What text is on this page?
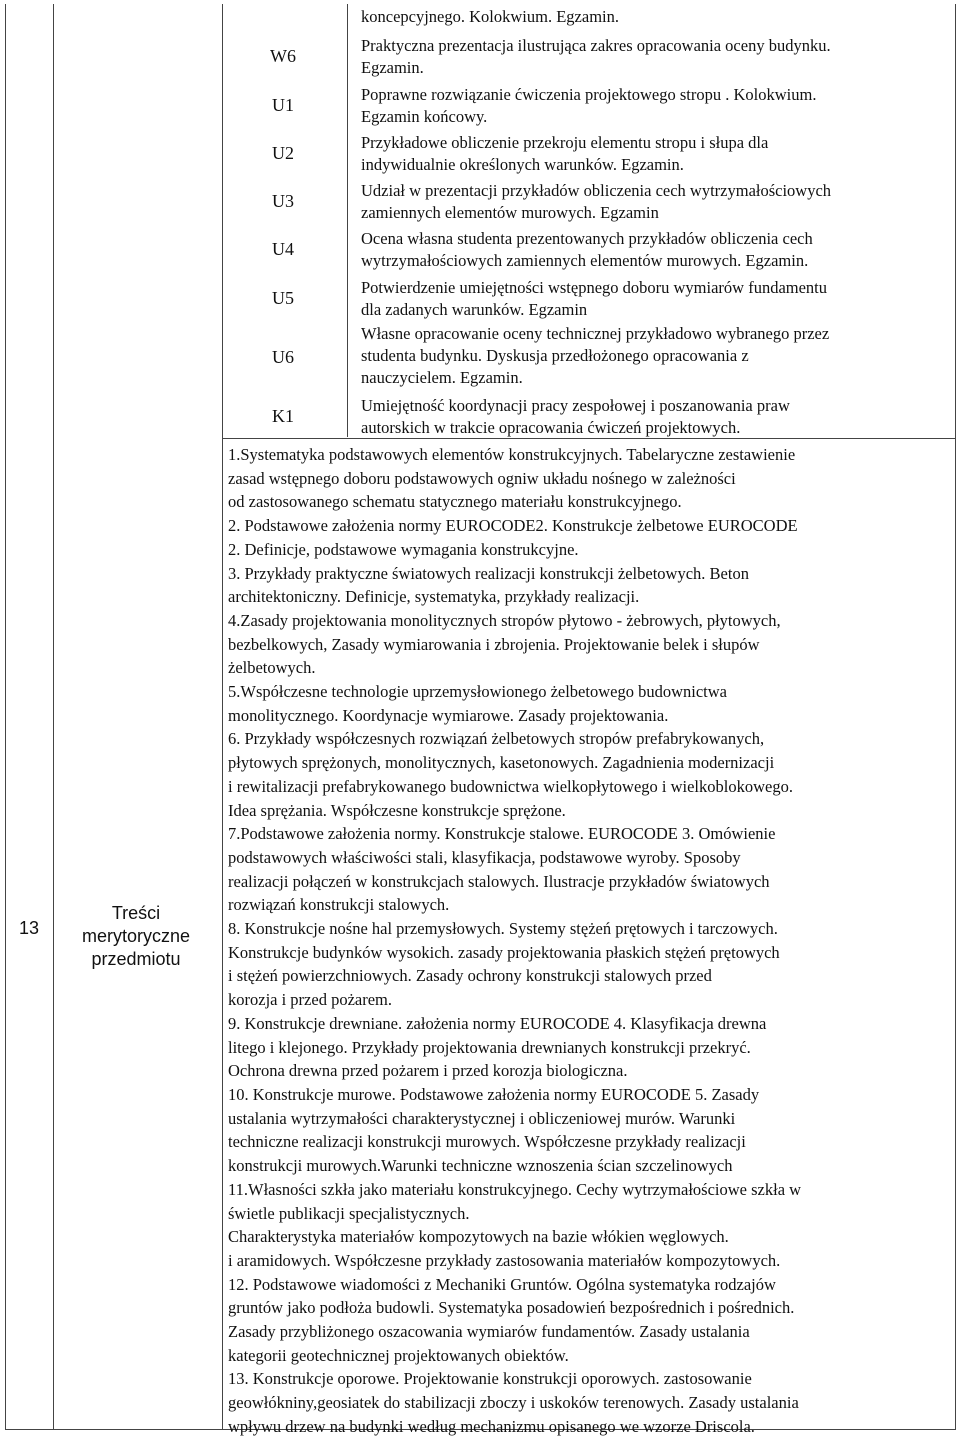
13
Treści
merytoryczne
przedmiotu
W6
U1
U2
U3
U4
U5
U6
K1
koncepcyjnego. Kolokwium. Egzamin.
Praktyczna prezentacja ilustrująca zakres opracowania oceny budynku.
Egzamin.
Poprawne rozwiązanie ćwiczenia projektowego stropu . Kolokwium.
Egzamin końcowy.
Przykładowe obliczenie przekroju elementu stropu i słupa dla
indywidualnie określonych warunków. Egzamin.
Udział w prezentacji przykładów obliczenia cech wytrzymałościowych
zamiennych elementów murowych. Egzamin
Ocena własna studenta prezentowanych przykładów obliczenia cech
wytrzymałościowych zamiennych elementów murowych. Egzamin.
Potwierdzenie umiejętności wstępnego doboru wymiarów fundamentu
dla zadanych warunków. Egzamin
Własne opracowanie oceny technicznej przykładowo wybranego przez
studenta budynku. Dyskusja przedłożonego opracowania z
nauczycielem. Egzamin.
Umiejętność koordynacji pracy zespołowej i poszanowania praw
autorskich w trakcie opracowania ćwiczeń projektowych.

1.Systematyka podstawowych elementów konstrukcyjnych. Tabelaryczne zestawienie

zasad wstępnego doboru podstawowych ogniw układu nośnego w zależności

od zastosowanego schematu statycznego materiału konstrukcyjnego.

2. Podstawowe założenia normy EUROCODE2. Konstrukcje żelbetowe EUROCODE

2. Definicje, podstawowe wymagania konstrukcyjne.

3. Przykłady praktyczne światowych realizacji konstrukcji żelbetowych. Beton

architektoniczny. Definicje, systematyka, przykłady realizacji.

4.Zasady projektowania monolitycznych stropów płytowo - żebrowych, płytowych,

bezbelkowych, Zasady wymiarowania i zbrojenia. Projektowanie belek i słupów

żelbetowych.

5.Współczesne technologie uprzemysłowionego żelbetowego budownictwa

monolitycznego. Koordynacje wymiarowe. Zasady projektowania.

6. Przykłady współczesnych rozwiązań żelbetowych stropów prefabrykowanych,

płytowych sprężonych, monolitycznych, kasetonowych. Zagadnienia modernizacji

i rewitalizacji prefabrykowanego budownictwa wielkopłytowego i wielkoblokowego.

Idea sprężania. Współczesne konstrukcje sprężone.

7.Podstawowe założenia normy. Konstrukcje stalowe. EUROCODE 3. Omówienie

podstawowych właściwości stali, klasyfikacja, podstawowe wyroby. Sposoby

realizacji połączeń w konstrukcjach stalowych. Ilustracje przykładów światowych

rozwiązań konstrukcji stalowych.

8. Konstrukcje nośne hal przemysłowych. Systemy stężeń prętowych i tarczowych.

Konstrukcje budynków wysokich. zasady projektowania płaskich stężeń prętowych

i stężeń powierzchniowych. Zasady ochrony konstrukcji stalowych przed

korozja i przed pożarem.

9. Konstrukcje drewniane. założenia normy EUROCODE 4. Klasyfikacja drewna

litego i klejonego. Przykłady projektowania drewnianych konstrukcji przekryć.

Ochrona drewna przed pożarem i przed korozja biologiczna.

10. Konstrukcje murowe. Podstawowe założenia normy EUROCODE 5. Zasady

ustalania wytrzymałości charakterystycznej i obliczeniowej murów. Warunki

techniczne realizacji konstrukcji murowych. Współczesne przykłady realizacji

konstrukcji murowych.Warunki techniczne wznoszenia ścian szczelinowych

11.Własności szkła jako materiału konstrukcyjnego. Cechy wytrzymałościowe szkła w

świetle publikacji specjalistycznych.

Charakterystyka materiałów kompozytowych na bazie włókien węglowych.

i aramidowych. Współczesne przykłady zastosowania materiałów kompozytowych.

12. Podstawowe wiadomości z Mechaniki Gruntów. Ogólna systematyka rodzajów

gruntów jako podłoża budowli. Systematyka posadowień bezpośrednich i pośrednich.

Zasady przybliżonego oszacowania wymiarów fundamentów. Zasady ustalania

kategorii geotechnicznej projektowanych obiektów.

13. Konstrukcje oporowe. Projektowanie konstrukcji oporowych. zastosowanie

geowłókniny,geosiatek do stabilizacji zboczy i uskoków terenowych. Zasady ustalania

wpływu drzew na budynki według mechanizmu opisanego we wzorze Driscola.
